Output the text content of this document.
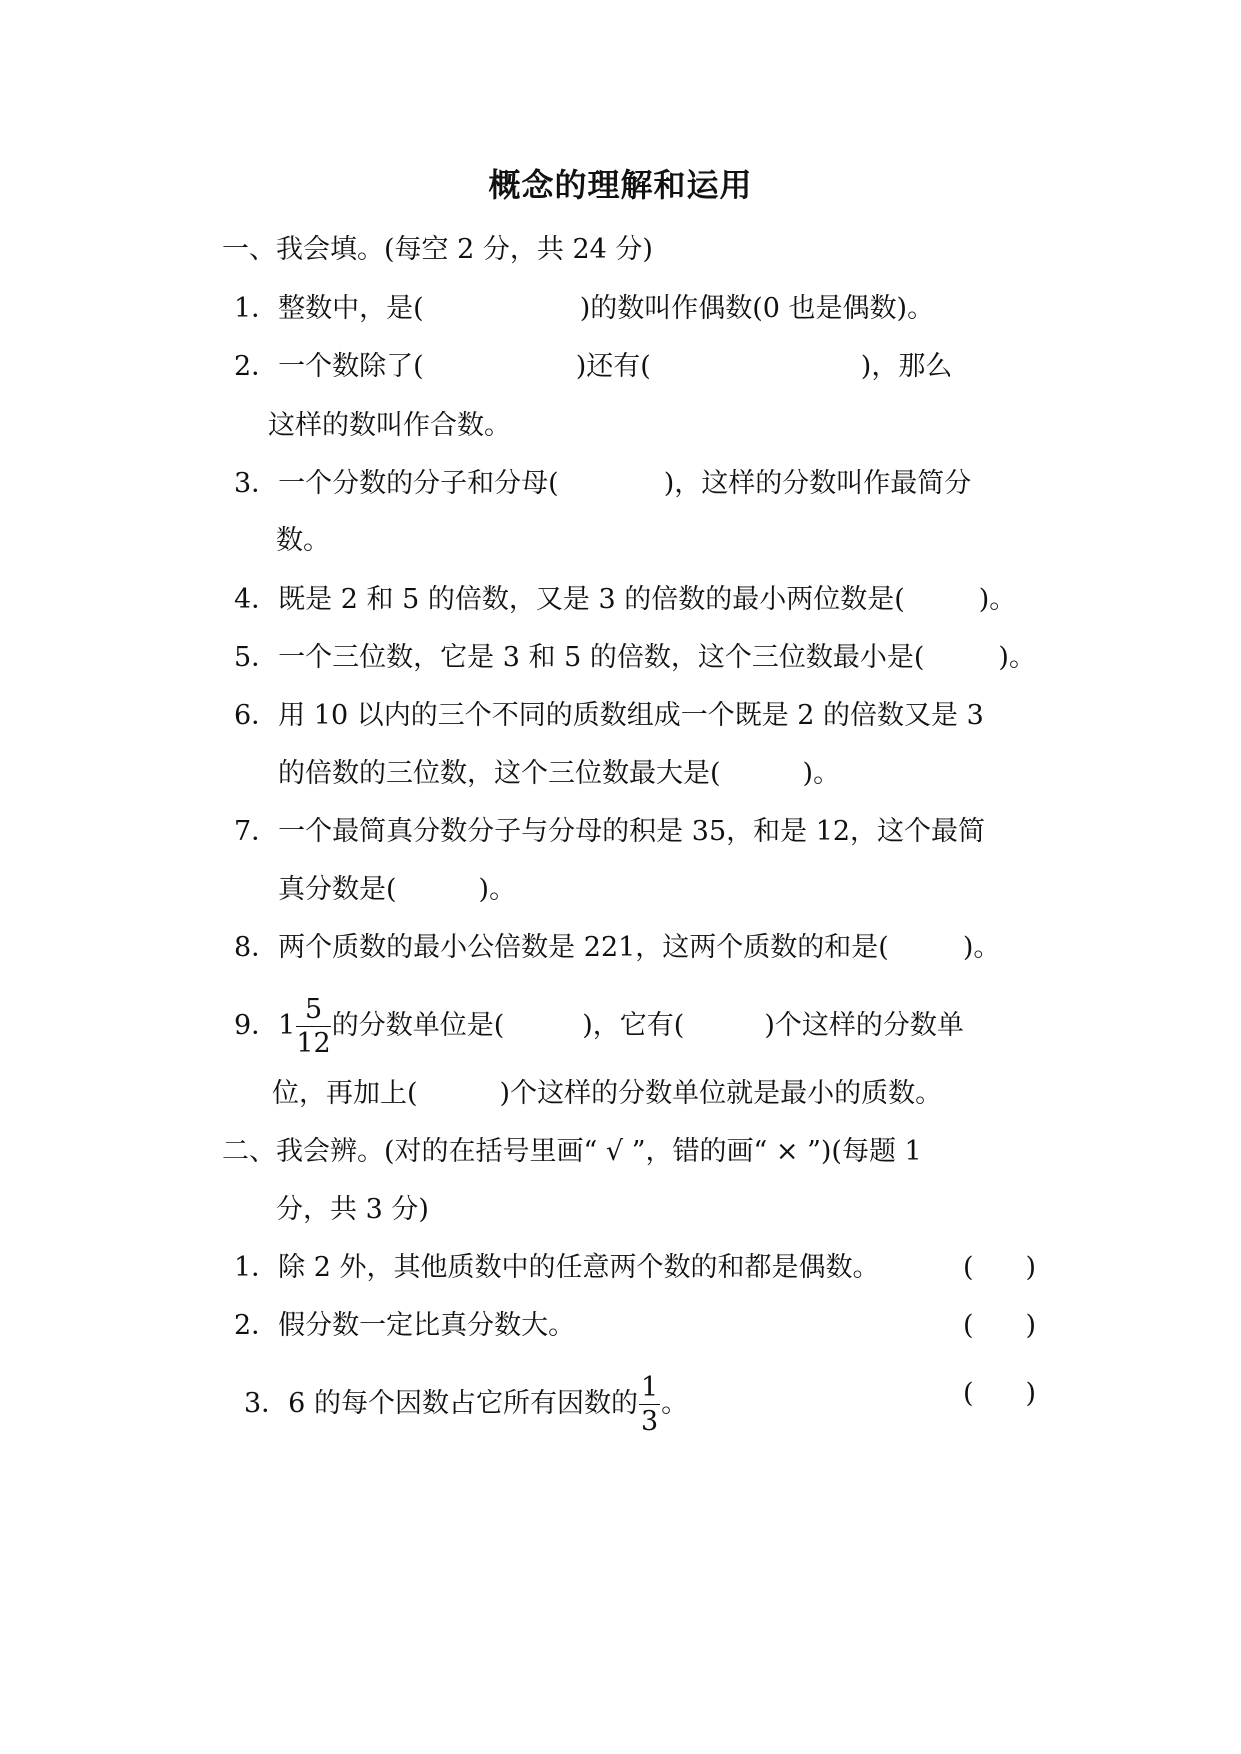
概念的理解和运用
一、我会填。(每空 2 分，共 24 分)
1．整数中，是(	)的数叫作偶数(0 也是偶数)。
2．一个数除了(	)还有(	)，那么
这样的数叫作合数。
3．一个分数的分子和分母(	)，这样的分数叫作最简分
数。
4．既是 2 和 5 的倍数，又是 3 的倍数的最小两位数是(	)。
5．一个三位数，它是 3 和 5 的倍数，这个三位数最小是(	)。
6．用 10 以内的三个不同的质数组成一个既是 2 的倍数又是 3
的倍数的三位数，这个三位数最大是(	)。
7．一个最简真分数分子与分母的积是 35，和是 12，这个最简
真分数是(	)。
8．两个质数的最小公倍数是 221，这两个质数的和是(	)。
9．$1 \frac{5}{12}$ 的分数单位是(	)，它有(	)个这样的分数单
位，再加上(	)个这样的分数单位就是最小的质数。
二、我会辨。(对的在括号里画“ √ ”，错的画“ × ”)(每题 1
分，共 3 分)
1．除 2 外，其他质数中的任意两个数的和都是偶数。	( )
2．假分数一定比真分数大。	( )
3．6 的每个因数占它所有因数的 $\frac{1}{3}$ 。	( )
